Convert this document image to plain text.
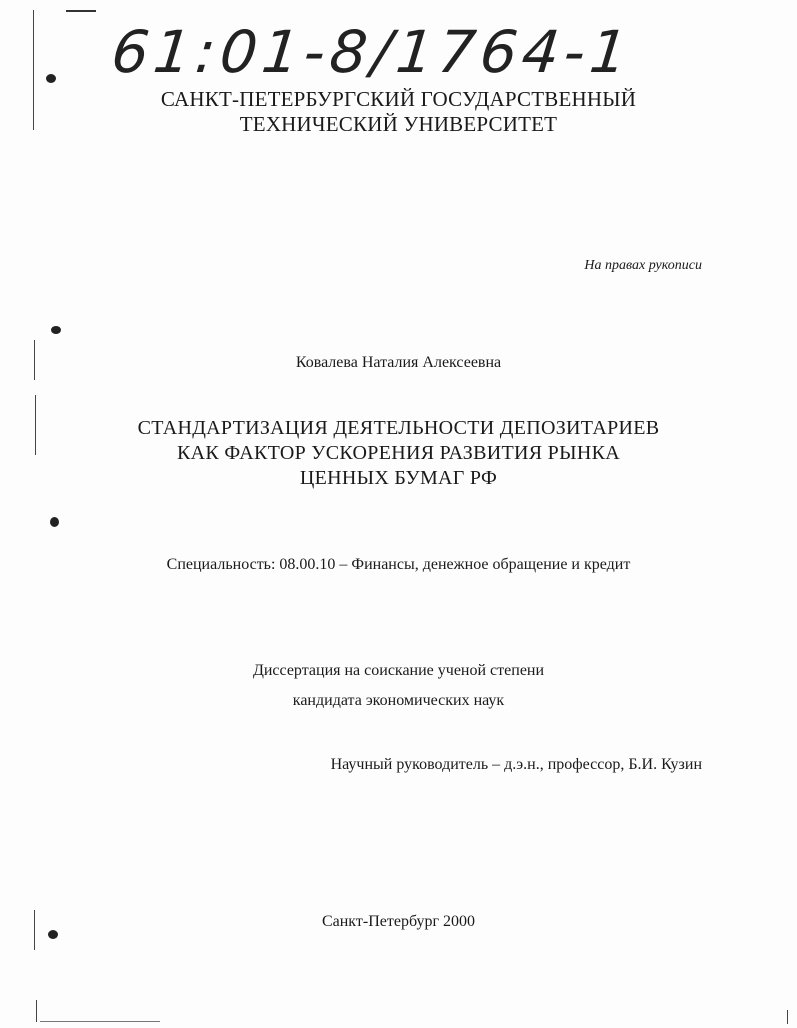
61:01-8/1764-1
САНКТ-ПЕТЕРБУРГСКИЙ ГОСУДАРСТВЕННЫЙ
ТЕХНИЧЕСКИЙ УНИВЕРСИТЕТ
На правах рукописи
Ковалева Наталия Алексеевна
СТАНДАРТИЗАЦИЯ ДЕЯТЕЛЬНОСТИ ДЕПОЗИТАРИЕВ
КАК ФАКТОР УСКОРЕНИЯ РАЗВИТИЯ РЫНКА
ЦЕННЫХ БУМАГ РФ
Специальность: 08.00.10 – Финансы, денежное обращение и кредит
Диссертация на соискание ученой степени
кандидата экономических наук
Научный руководитель – д.э.н., профессор, Б.И. Кузин
Санкт-Петербург 2000
